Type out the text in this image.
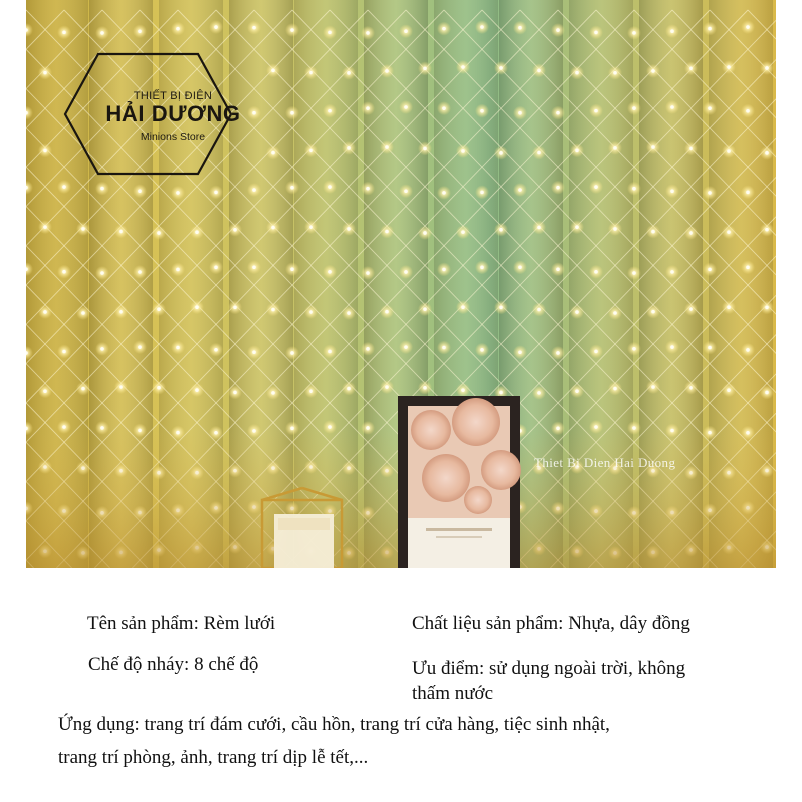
THIẾT BỊ ĐIỆN
HẢI DƯƠNG
Minions Store
Thiet Bi Dien Hai Duong
Tên sản phẩm: Rèm lưới	Chất liệu sản phẩm: Nhựa, dây đồng
Chế độ nháy: 8 chế độ	Ưu điểm: sử dụng ngoài trời, không
thấm nước
Ứng dụng: trang trí đám cưới, cầu hồn, trang trí cửa hàng, tiệc sinh nhật,
trang trí phòng, ảnh, trang trí dịp lễ tết,...
